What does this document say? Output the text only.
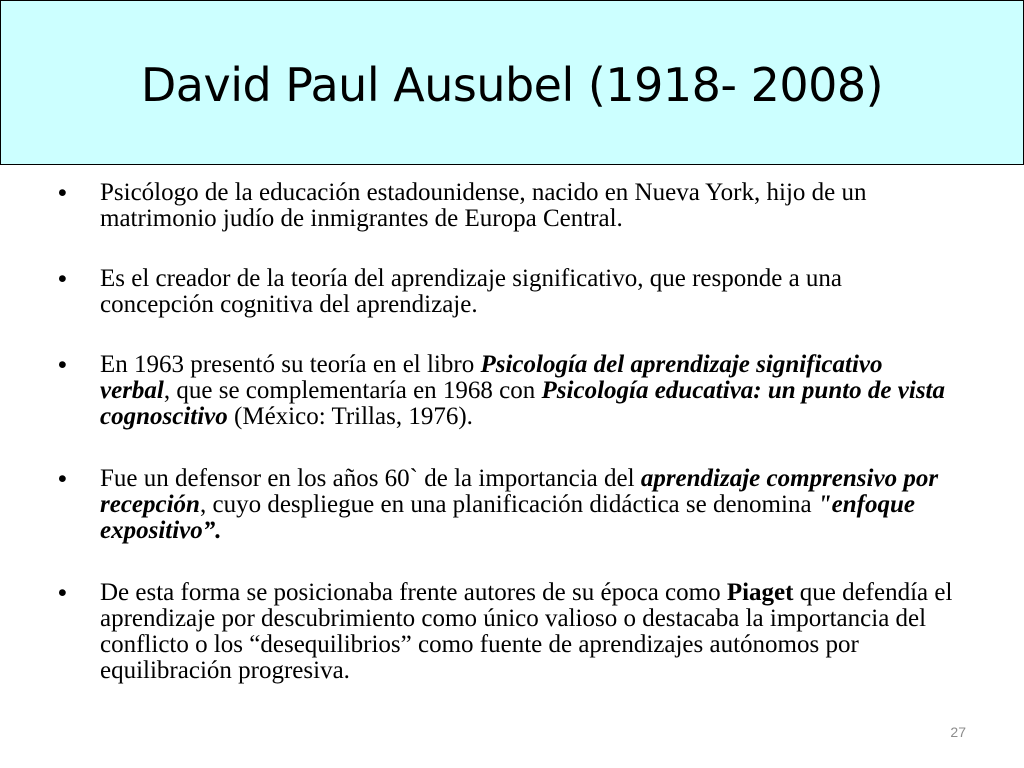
David Paul Ausubel (1918- 2008)
• Psicólogo de la educación estadounidense, nacido en Nueva York, hijo de un matrimonio judío de inmigrantes de Europa Central.
• Es el creador de la teoría del aprendizaje significativo, que responde a una concepción cognitiva del aprendizaje.
• En 1963 presentó su teoría en el libro Psicología del aprendizaje significativo verbal, que se complementaría en 1968 con Psicología educativa: un punto de vista cognoscitivo (México: Trillas, 1976).
• Fue un defensor en los años 60` de la importancia del aprendizaje comprensivo por recepción, cuyo despliegue en una planificación didáctica se denomina "enfoque expositivo”.
• De esta forma se posicionaba frente autores de su época como Piaget que defendía el aprendizaje por descubrimiento como único valioso o destacaba la importancia del conflicto o los “desequilibrios” como fuente de aprendizajes autónomos por equilibración progresiva.
27
